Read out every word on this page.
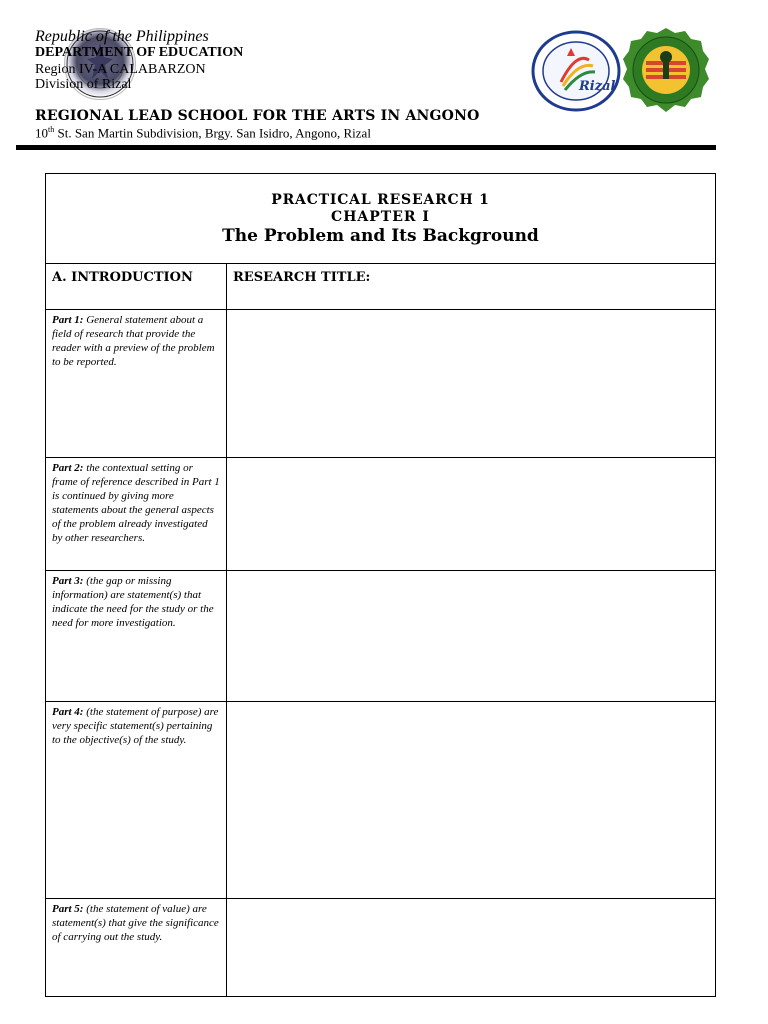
Republic of the Philippines
DEPARTMENT OF EDUCATION
Region IV-A CALABARZON
Division of Rizal
REGIONAL LEAD SCHOOL FOR THE ARTS IN ANGONO
10th St. San Martin Subdivision, Brgy. San Isidro, Angono, Rizal
Rizal
PRACTICAL RESEARCH 1
CHAPTER I
The Problem and Its Background
A. INTRODUCTION	RESEARCH TITLE:
Part 1: General statement about a field of research that provide the reader with a preview of the problem to be reported.
Part 2: the contextual setting or frame of reference described in Part 1 is continued by giving more statements about the general aspects of the problem already investigated by other researchers.
Part 3: (the gap or missing information) are statement(s) that indicate the need for the study or the need for more investigation.
Part 4: (the statement of purpose) are very specific statement(s) pertaining to the objective(s) of the study.
Part 5: (the statement of value) are statement(s) that give the significance of carrying out the study.
